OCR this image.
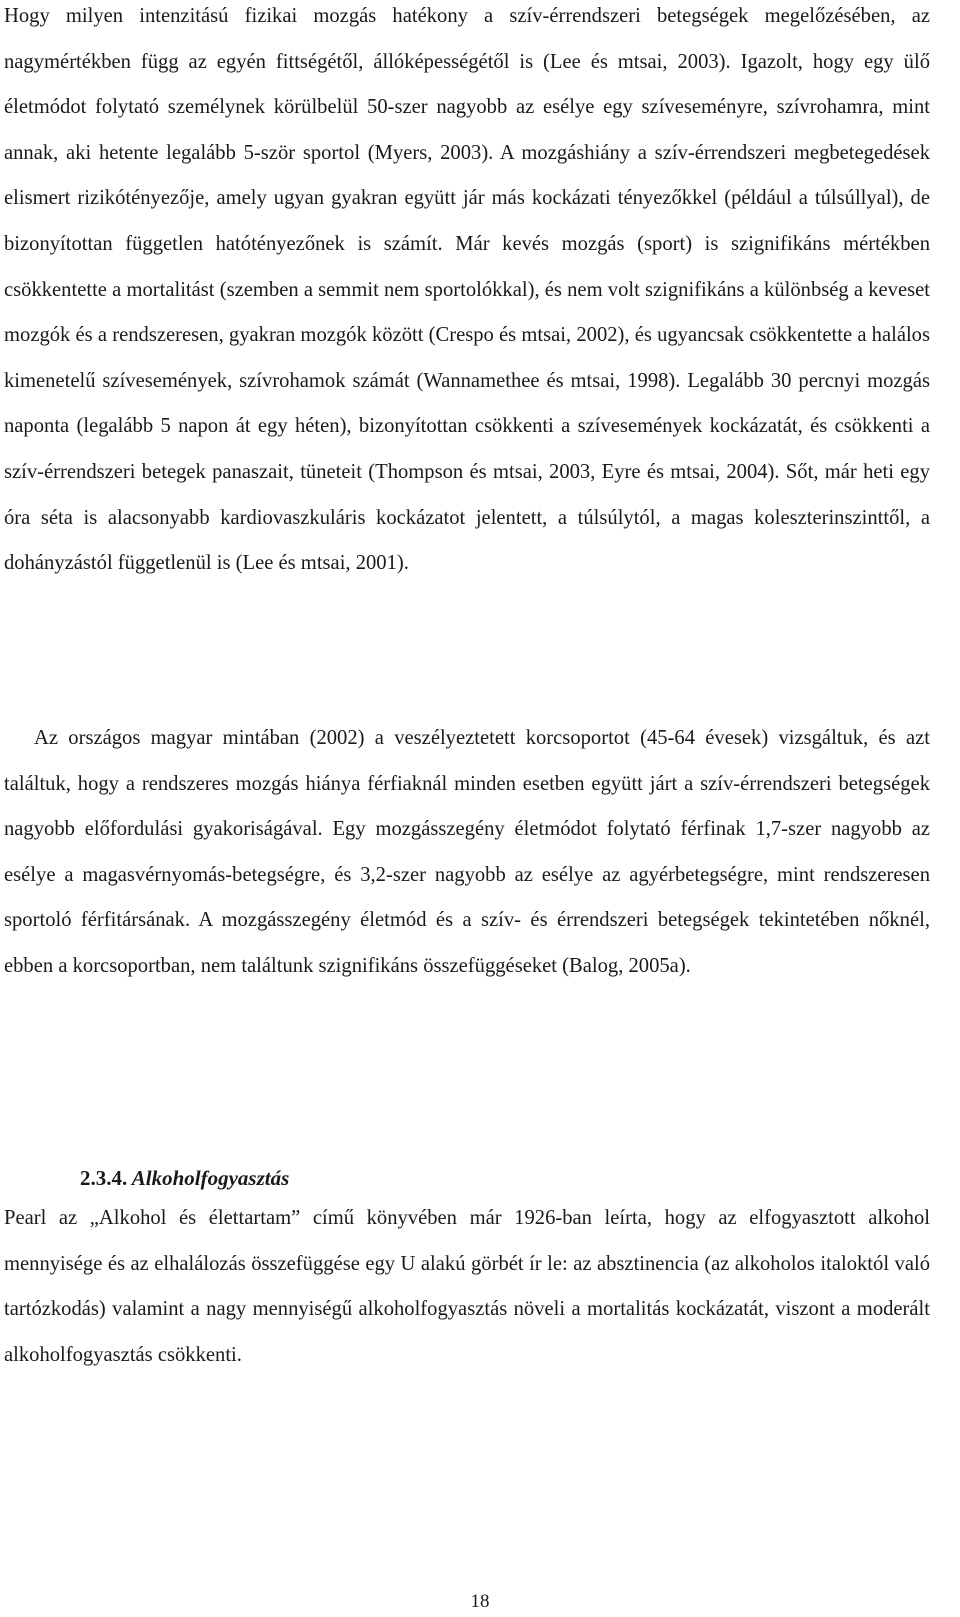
Hogy milyen intenzitású fizikai mozgás hatékony a szív-érrendszeri betegségek megelőzésében, az nagymértékben függ az egyén fittségétől, állóképességétől is (Lee és mtsai, 2003). Igazolt, hogy egy ülő életmódot folytató személynek körülbelül 50-szer nagyobb az esélye egy szíveseményre, szívrohamra, mint annak, aki hetente legalább 5-ször sportol (Myers, 2003). A mozgáshiány a szív-érrendszeri megbetegedések elismert rizikótényezője, amely ugyan gyakran együtt jár más kockázati tényezőkkel (például a túlsúllyal), de bizonyítottan független hatótényezőnek is számít. Már kevés mozgás (sport) is szignifikáns mértékben csökkentette a mortalitást (szemben a semmit nem sportolókkal), és nem volt szignifikáns a különbség a keveset mozgók és a rendszeresen, gyakran mozgók között (Crespo és mtsai, 2002), és ugyancsak csökkentette a halálos kimenetelű szívesemények, szívrohamok számát (Wannamethee és mtsai, 1998). Legalább 30 percnyi mozgás naponta (legalább 5 napon át egy héten), bizonyítottan csökkenti a szívesemények kockázatát, és csökkenti a szív-érrendszeri betegek panaszait, tüneteit (Thompson és mtsai, 2003, Eyre és mtsai, 2004). Sőt, már heti egy óra séta is alacsonyabb kardiovaszkuláris kockázatot jelentett, a túlsúlytól, a magas koleszterinszinttől, a dohányzástól függetlenül is (Lee és mtsai, 2001).

Az országos magyar mintában (2002) a veszélyeztetett korcsoportot (45-64 évesek) vizsgáltuk, és azt találtuk, hogy a rendszeres mozgás hiánya férfiaknál minden esetben együtt járt a szív-érrendszeri betegségek nagyobb előfordulási gyakoriságával. Egy mozgásszegény életmódot folytató férfinak 1,7-szer nagyobb az esélye a magasvérnyomás-betegségre, és 3,2-szer nagyobb az esélye az agyérbetegségre, mint rendszeresen sportoló férfitársának. A mozgásszegény életmód és a szív- és érrendszeri betegségek tekintetében nőknél, ebben a korcsoportban, nem találtunk szignifikáns összefüggéseket (Balog, 2005a).

2.3.4. Alkoholfogyasztás

Pearl az „Alkohol és élettartam” című könyvében már 1926-ban leírta, hogy az elfogyasztott alkohol mennyisége és az elhalálozás összefüggése egy U alakú görbét ír le: az absztinencia (az alkoholos italoktól való tartózkodás) valamint a nagy mennyiségű alkoholfogyasztás növeli a mortalitás kockázatát, viszont a moderált alkoholfogyasztás csökkenti.

18
